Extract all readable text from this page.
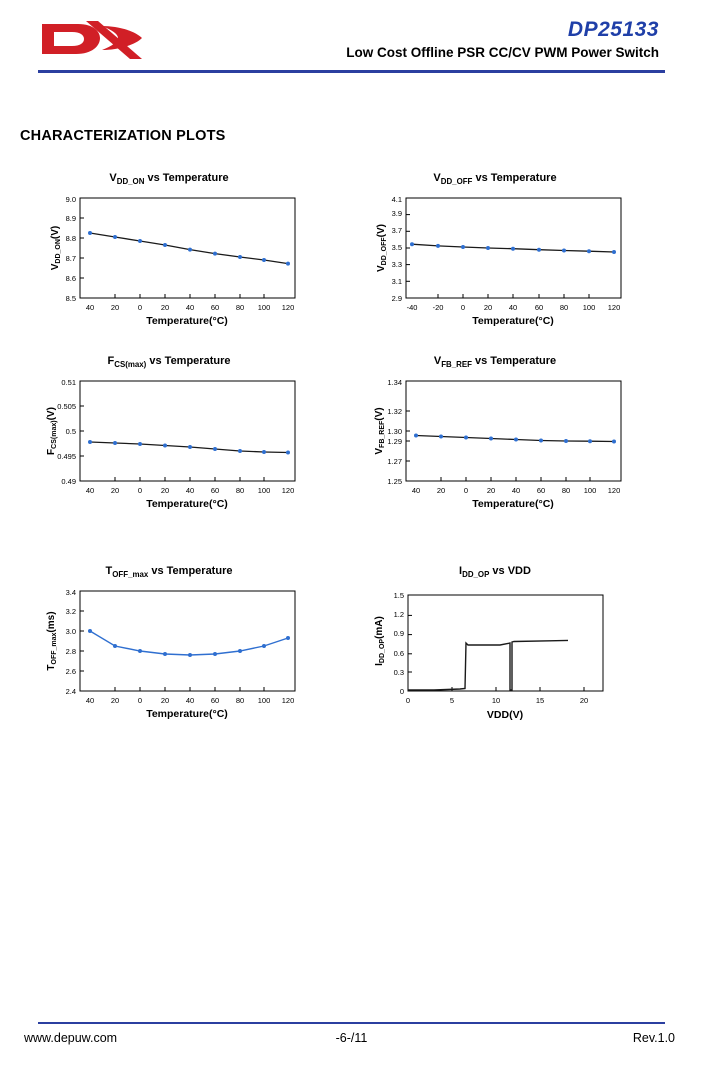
DP25133
Low Cost Offline PSR CC/CV PWM Power Switch
CHARACTERIZATION PLOTS
$V_{DD\_ON}$ vs Temperature
8.5
8.6
8.7
8.8
8.9
9.0
40 20 0 20 40 60 80 100 120
Temperature(°C)
$V_{DD\_ON}(V)$
$V_{DD\_OFF}$ vs Temperature
2.9
3.1
3.3
3.5
3.7
3.9
4.1
-40 -20 0 20 40 60 80 100 120
Temperature(°C)
$V_{DD\_OFF}(V)$
$F_{CS(max)}$ vs Temperature
0.49
0.495
0.5
0.505
0.51
40 20 0 20 40 60 80 100 120
Temperature(°C)
$F_{CS(max)}(V)$
$V_{FB\_REF}$ vs Temperature
1.25
1.27
1.29
1.30
1.32
1.34
40 20 0 20 40 60 80 100 120
Temperature(°C)
$V_{FB\_REF}(V)$
$T_{OFF\_max}$ vs Temperature
2.4
2.6
2.8
3.0
3.2
3.4
40 20 0 20 40 60 80 100 120
Temperature(°C)
$T_{OFF\_max}(ms)$
$I_{DD\_OP}$ vs VDD
0
0.3
0.6
0.9
1.2
1.5
0	5	10	15	20
VDD(V)
$I_{DD\_OP}(mA)$
www.depuw.com	-6-/11	Rev.1.0
